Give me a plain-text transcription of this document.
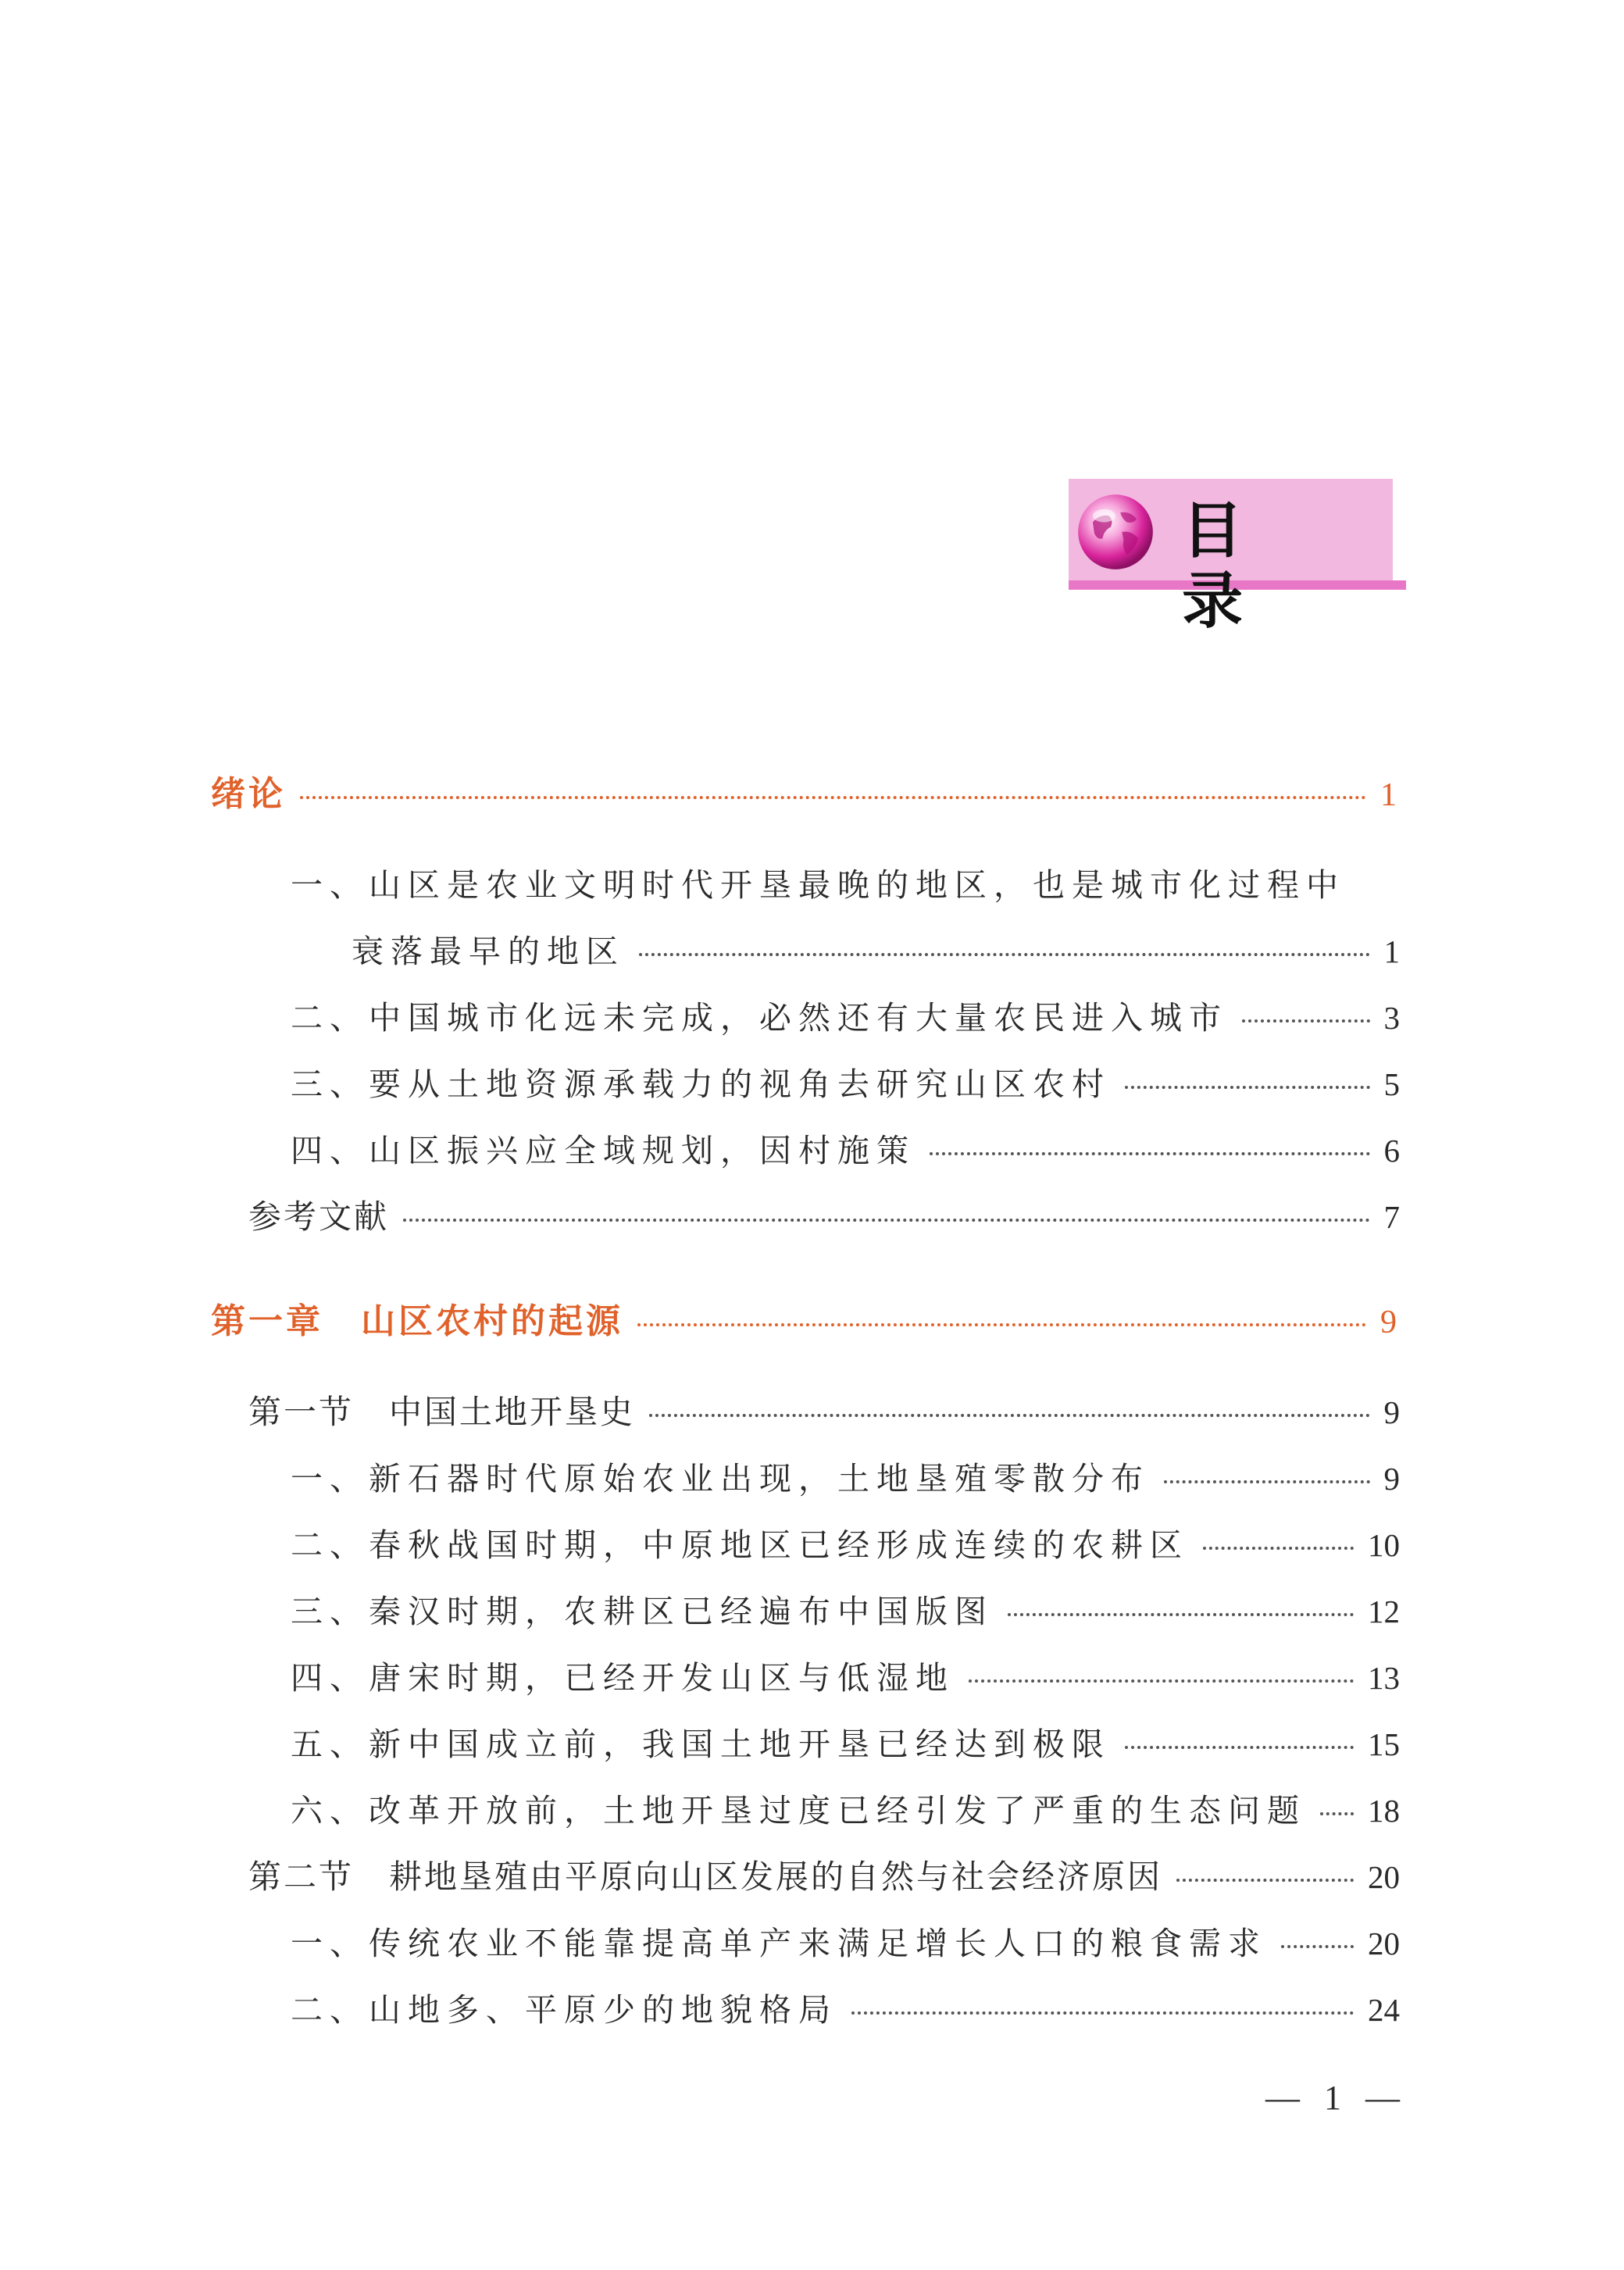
目 录
绪论	1
一、山区是农业文明时代开垦最晚的地区，也是城市化过程中
衰落最早的地区	1
二、中国城市化远未完成，必然还有大量农民进入城市	3
三、要从土地资源承载力的视角去研究山区农村	5
四、山区振兴应全域规划，因村施策	6
参考文献	7
第一章　山区农村的起源	9
第一节　中国土地开垦史	9
一、新石器时代原始农业出现，土地垦殖零散分布	9
二、春秋战国时期，中原地区已经形成连续的农耕区	10
三、秦汉时期，农耕区已经遍布中国版图	12
四、唐宋时期，已经开发山区与低湿地	13
五、新中国成立前，我国土地开垦已经达到极限	15
六、改革开放前，土地开垦过度已经引发了严重的生态问题 18
第二节　耕地垦殖由平原向山区发展的自然与社会经济原因	20
一、传统农业不能靠提高单产来满足增长人口的粮食需求	20
二、山地多、平原少的地貌格局	24
— 1 —
